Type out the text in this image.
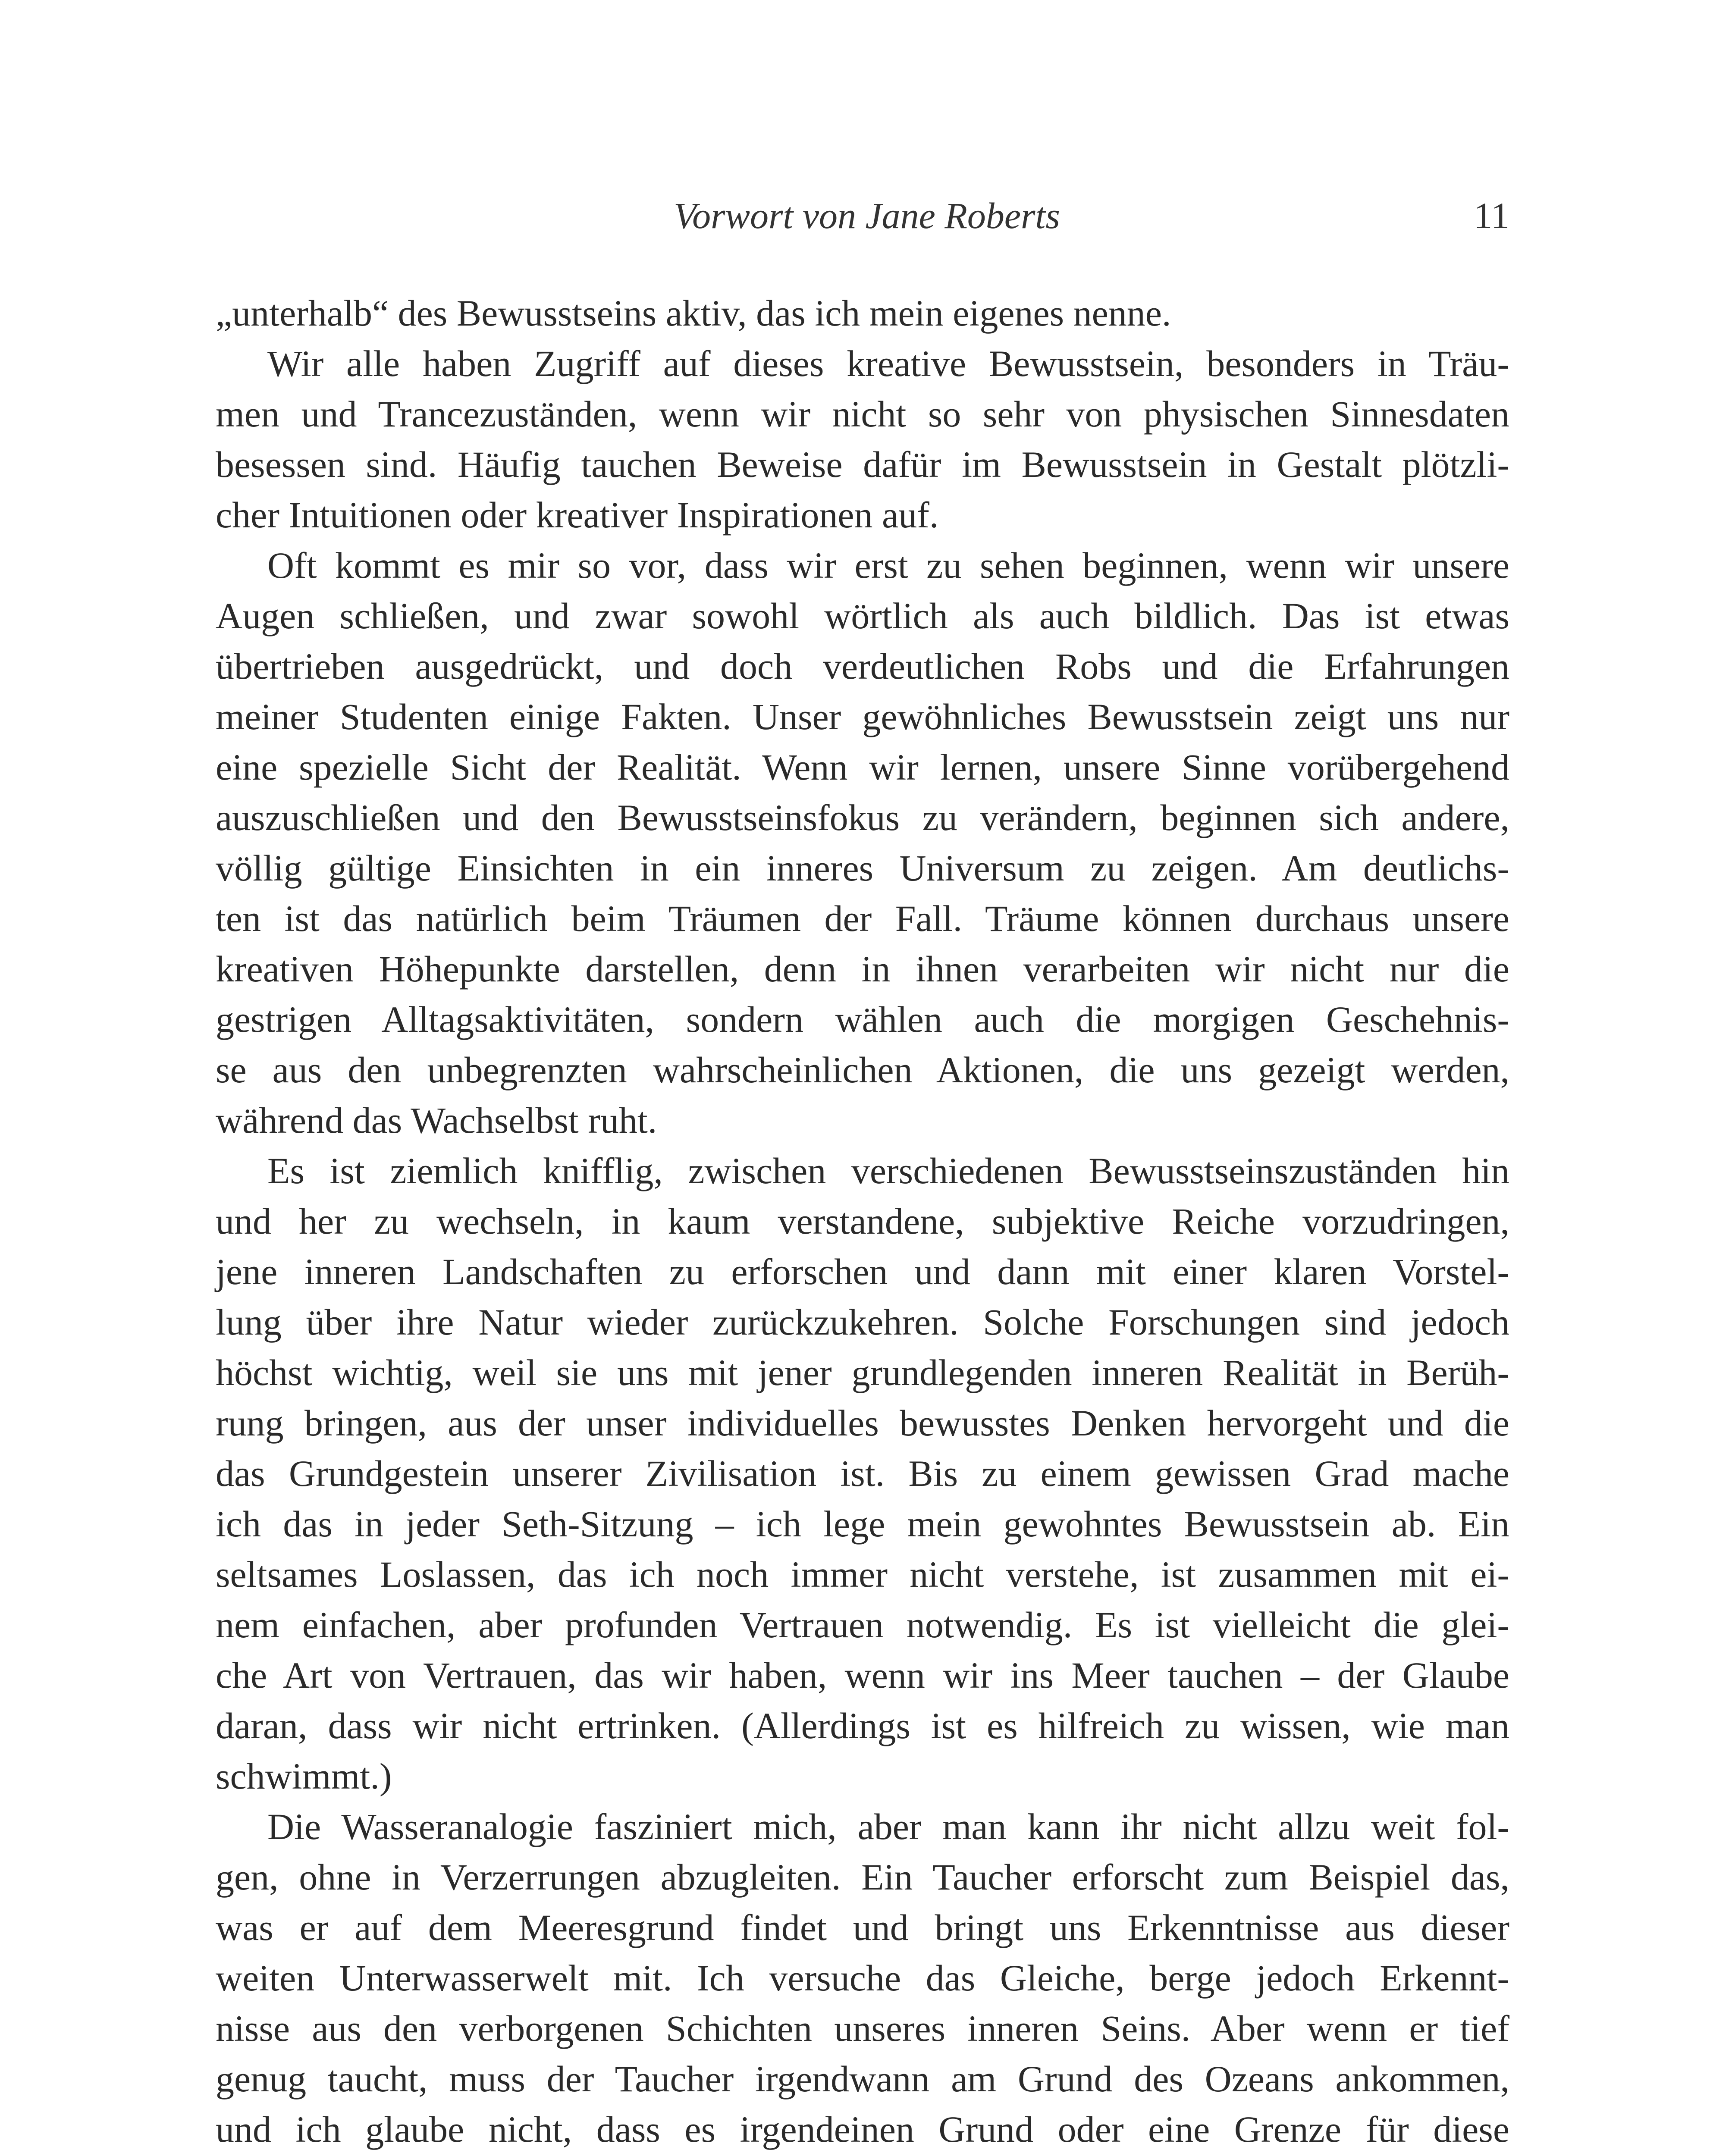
Vorwort von Jane Roberts	11
„unterhalb“ des Bewusstseins aktiv, das ich mein eigenes nenne.
Wir alle haben Zugriff auf dieses kreative Bewusstsein, besonders in Träu-
men und Trancezuständen, wenn wir nicht so sehr von physischen Sinnesdaten
besessen sind. Häufig tauchen Beweise dafür im Bewusstsein in Gestalt plötzli-
cher Intuitionen oder kreativer Inspirationen auf.
Oft kommt es mir so vor, dass wir erst zu sehen beginnen, wenn wir unsere
Augen schließen, und zwar sowohl wörtlich als auch bildlich. Das ist etwas
übertrieben ausgedrückt, und doch verdeutlichen Robs und die Erfahrungen
meiner Studenten einige Fakten. Unser gewöhnliches Bewusstsein zeigt uns nur
eine spezielle Sicht der Realität. Wenn wir lernen, unsere Sinne vorübergehend
auszuschließen und den Bewusstseinsfokus zu verändern, beginnen sich andere,
völlig gültige Einsichten in ein inneres Universum zu zeigen. Am deutlichs-
ten ist das natürlich beim Träumen der Fall. Träume können durchaus unsere
kreativen Höhepunkte darstellen, denn in ihnen verarbeiten wir nicht nur die
gestrigen Alltagsaktivitäten, sondern wählen auch die morgigen Geschehnis-
se aus den unbegrenzten wahrscheinlichen Aktionen, die uns gezeigt werden,
während das Wachselbst ruht.
Es ist ziemlich knifflig, zwischen verschiedenen Bewusstseinszuständen hin
und her zu wechseln, in kaum verstandene, subjektive Reiche vorzudringen,
jene inneren Landschaften zu erforschen und dann mit einer klaren Vorstel-
lung über ihre Natur wieder zurückzukehren. Solche Forschungen sind jedoch
höchst wichtig, weil sie uns mit jener grundlegenden inneren Realität in Berüh-
rung bringen, aus der unser individuelles bewusstes Denken hervorgeht und die
das Grundgestein unserer Zivilisation ist. Bis zu einem gewissen Grad mache
ich das in jeder Seth-Sitzung – ich lege mein gewohntes Bewusstsein ab. Ein
seltsames Loslassen, das ich noch immer nicht verstehe, ist zusammen mit ei-
nem einfachen, aber profunden Vertrauen notwendig. Es ist vielleicht die glei-
che Art von Vertrauen, das wir haben, wenn wir ins Meer tauchen – der Glaube
daran, dass wir nicht ertrinken. (Allerdings ist es hilfreich zu wissen, wie man
schwimmt.)
Die Wasseranalogie fasziniert mich, aber man kann ihr nicht allzu weit fol-
gen, ohne in Verzerrungen abzugleiten. Ein Taucher erforscht zum Beispiel das,
was er auf dem Meeresgrund findet und bringt uns Erkenntnisse aus dieser
weiten Unterwasserwelt mit. Ich versuche das Gleiche, berge jedoch Erkennt-
nisse aus den verborgenen Schichten unseres inneren Seins. Aber wenn er tief
genug taucht, muss der Taucher irgendwann am Grund des Ozeans ankommen,
und ich glaube nicht, dass es irgendeinen Grund oder eine Grenze für diese
